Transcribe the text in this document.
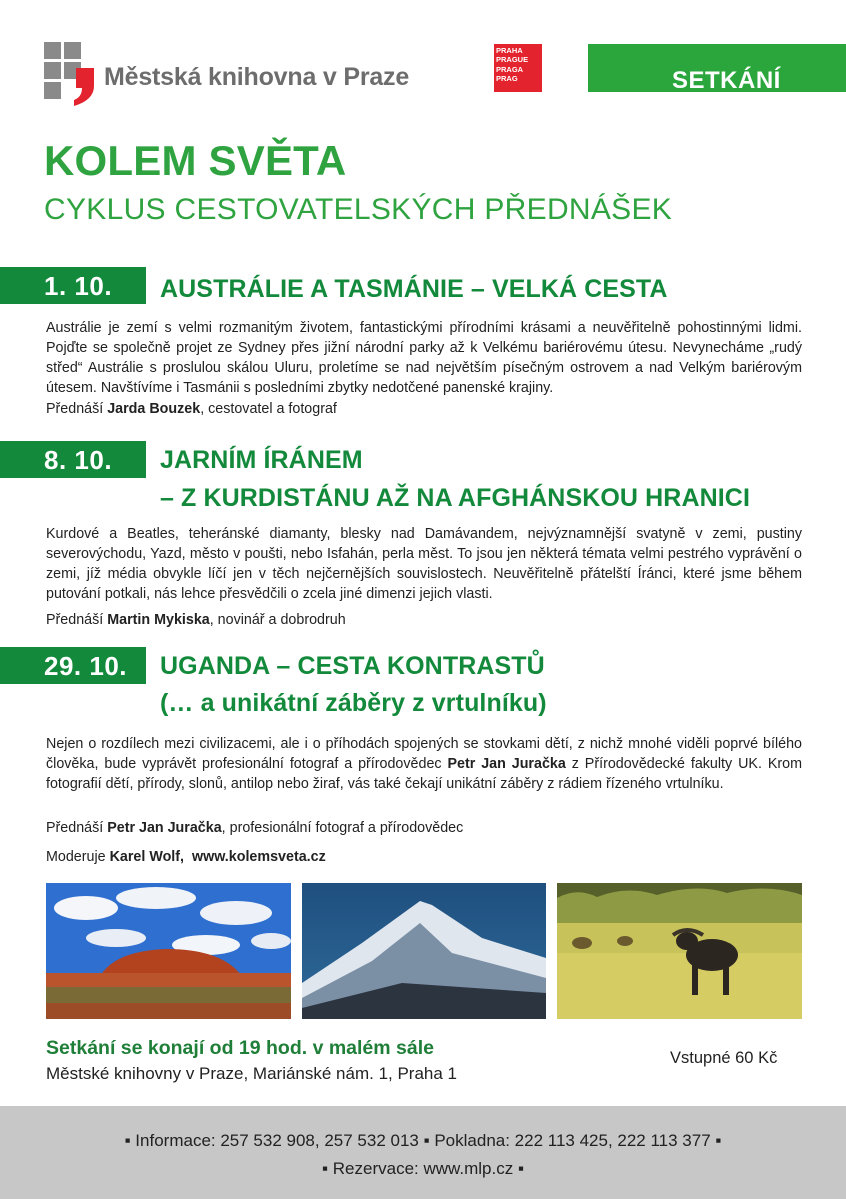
Městská knihovna v Praze
PRAHA
PRAGUE
PRAGA
PRAG	SETKÁNÍ
KOLEM SVĚTA
CYKLUS CESTOVATELSKÝCH PŘEDNÁŠEK
1. 10.	AUSTRÁLIE A TASMÁNIE – VELKÁ CESTA
Austrálie je zemí s velmi rozmanitým životem, fantastickými přírodními krásami a neuvěřitelně pohostinnými lidmi. Pojďte se společně projet ze Sydney přes jižní národní parky až k Velkému bariérovému útesu. Nevynecháme „rudý střed“ Austrálie s proslulou skálou Uluru, proletíme se nad největším písečným ostrovem a nad Velkým bariérovým útesem. Navštívíme i Tasmánii s posledními zbytky nedotčené panenské krajiny.
Přednáší Jarda Bouzek, cestovatel a fotograf
8. 10.	JARNÍM ÍRÁNEM
– Z KURDISTÁNU AŽ NA AFGHÁNSKOU HRANICI
Kurdové a Beatles, teheránské diamanty, blesky nad Damávandem, nejvýznamnější svatyně v zemi, pustiny severovýchodu, Yazd, město v poušti, nebo Isfahán, perla měst. To jsou jen některá témata velmi pestrého vyprávění o zemi, jíž média obvykle líčí jen v těch nejčernějších souvislostech. Neuvěřitelně přátelští Íránci, které jsme během putování potkali, nás lehce přesvědčili o zcela jiné dimenzi jejich vlasti.
Přednáší Martin Mykiska, novinář a dobrodruh
29. 10.	UGANDA – CESTA KONTRASTŮ
(… a unikátní záběry z vrtulníku)
Nejen o rozdílech mezi civilizacemi, ale i o příhodách spojených se stovkami dětí, z nichž mnohé viděli poprvé bílého člověka, bude vyprávět profesionální fotograf a přírodovědec Petr Jan Juračka z Přírodovědecké fakulty UK. Krom fotografií dětí, přírody, slonů, antilop nebo žiraf, vás také čekají unikátní záběry z rádiem řízeného vrtulníku.
Přednáší Petr Jan Juračka, profesionální fotograf a přírodovědec
Moderuje Karel Wolf, www.kolemsveta.cz
Setkání se konají od 19 hod. v malém sále
Městské knihovny v Praze, Mariánské nám. 1, Praha 1
Vstupné 60 Kč
▪ Informace: 257 532 908, 257 532 013 ▪ Pokladna: 222 113 425, 222 113 377 ▪
▪ Rezervace: www.mlp.cz ▪
